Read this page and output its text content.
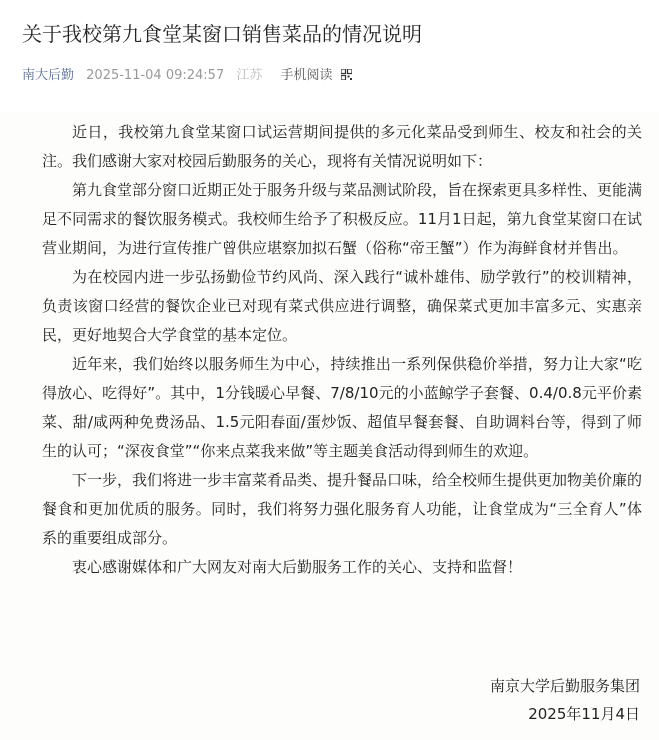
关于我校第九食堂某窗口销售菜品的情况说明
南大后勤 2025-11-04 09:24:57 江苏 手机阅读

近日，我校第九食堂某窗口试运营期间提供的多元化菜品受到师生、校友和社会的关注。我们感谢大家对校园后勤服务的关心，现将有关情况说明如下：

第九食堂部分窗口近期正处于服务升级与菜品测试阶段，旨在探索更具多样性、更能满足不同需求的餐饮服务模式。我校师生给予了积极反应。11月1日起，第九食堂某窗口在试营业期间，为进行宣传推广曾供应堪察加拟石蟹（俗称“帝王蟹”）作为海鲜食材并售出。

为在校园内进一步弘扬勤俭节约风尚、深入践行“诚朴雄伟、励学敦行”的校训精神，负责该窗口经营的餐饮企业已对现有菜式供应进行调整，确保菜式更加丰富多元、实惠亲民，更好地契合大学食堂的基本定位。

近年来，我们始终以服务师生为中心，持续推出一系列保供稳价举措，努力让大家“吃得放心、吃得好”。其中，1分钱暖心早餐、7/8/10元的小蓝鲸学子套餐、0.4/0.8元平价素菜、甜/咸两种免费汤品、1.5元阳春面/蛋炒饭、超值早餐套餐、自助调料台等，得到了师生的认可；“深夜食堂”“你来点菜我来做”等主题美食活动得到师生的欢迎。

下一步，我们将进一步丰富菜肴品类、提升餐品口味，给全校师生提供更加物美价廉的餐食和更加优质的服务。同时，我们将努力强化服务育人功能，让食堂成为“三全育人”体系的重要组成部分。

衷心感谢媒体和广大网友对南大后勤服务工作的关心、支持和监督！

南京大学后勤服务集团
2025年11月4日
